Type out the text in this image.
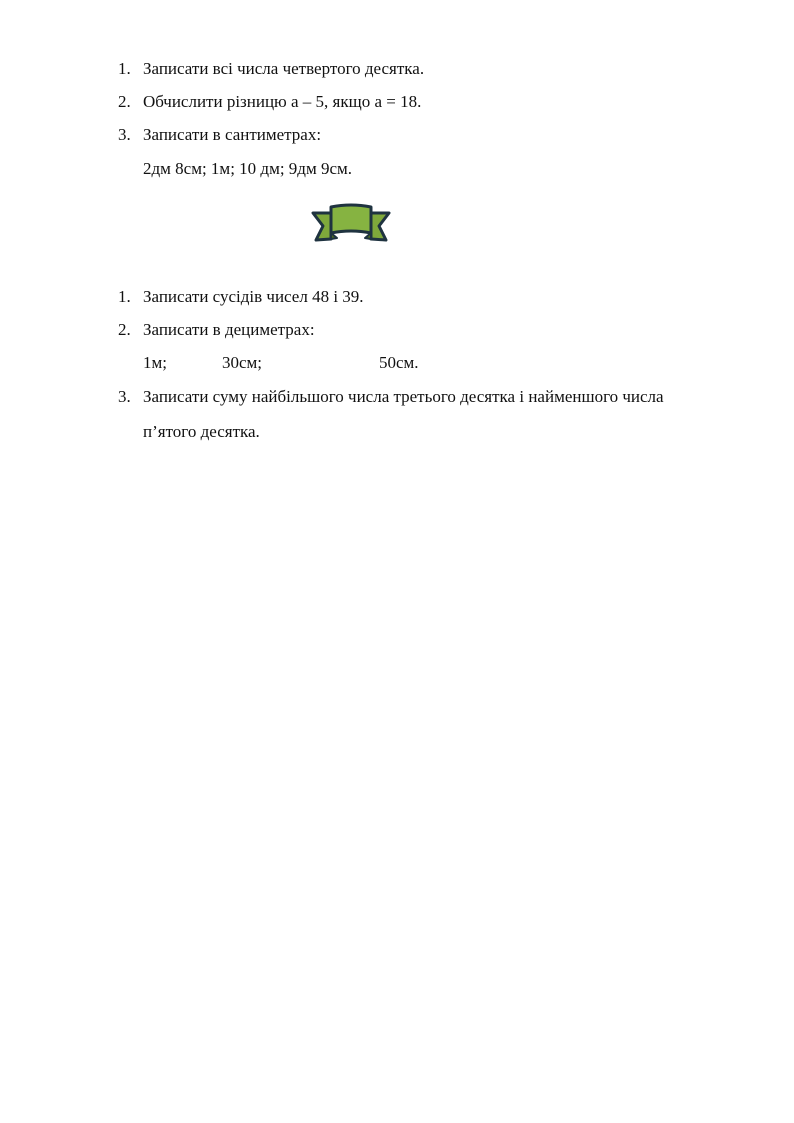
1. Записати всі числа четвертого десятка.
2. Обчислити різницю а – 5, якщо а = 18.
3. Записати в сантиметрах:
2дм 8см; 1м; 10 дм; 9дм 9см.
1. Записати сусідів чисел 48 і 39.
2. Записати в дециметрах:
1м;	30см;	50см.
3. Записати суму найбільшого числа третього десятка і найменшого числа
п’ятого десятка.
